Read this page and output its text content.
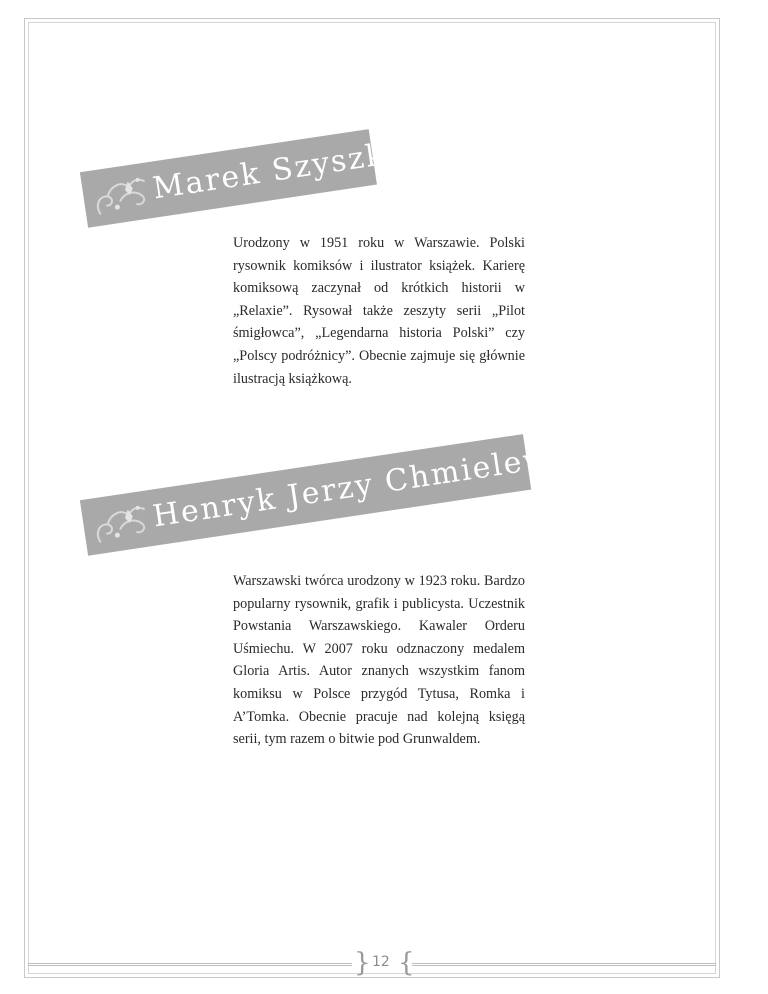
Marek Szyszko
Urodzony w 1951 roku w Warszawie. Polski rysownik komiksów i ilustrator książek. Karierę komiksową zaczynał od krótkich historii w „Relaxie”. Rysował także zeszyty serii „Pilot śmigłowca”, „Legendarna historia Polski” czy „Polscy podróżnicy”. Obecnie zajmuje się głównie ilustracją książkową.
Henryk Jerzy Chmielewski
Warszawski twórca urodzony w 1923 roku. Bardzo popularny rysownik, grafik i publicysta. Uczestnik Powstania Warszawskiego. Kawaler Orderu Uśmiechu. W 2007 roku odznaczony medalem Gloria Artis. Autor znanych wszystkim fanom komiksu w Polsce przygód Tytusa, Romka i A’Tomka. Obecnie pracuje nad kolejną księgą serii, tym razem o bitwie pod Grunwaldem.
} 12 {
